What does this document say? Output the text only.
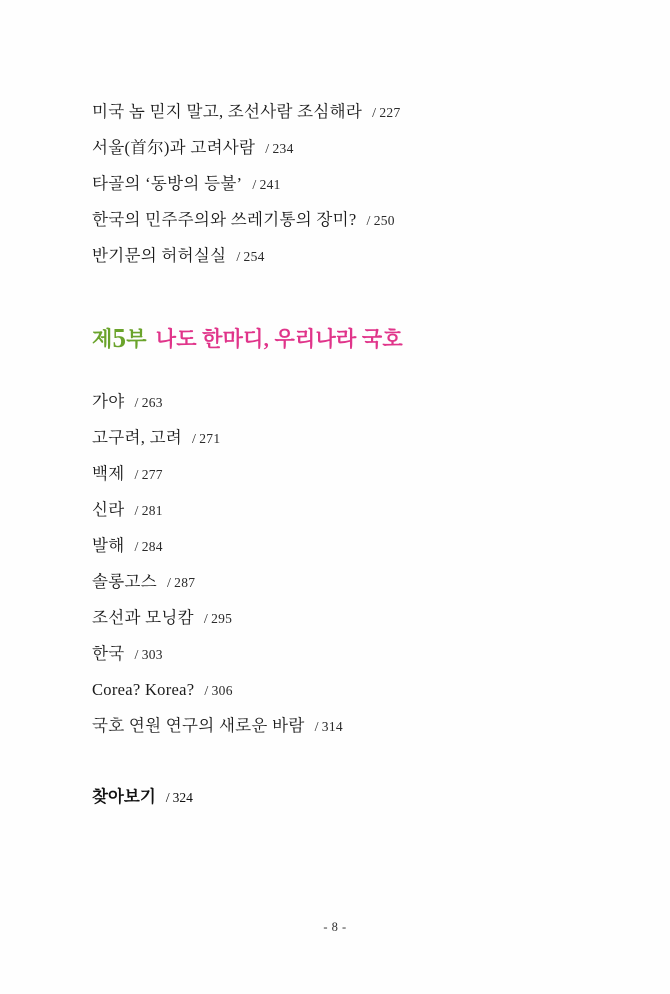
미국 놈 믿지 말고, 조선사람 조심해라 / 227
서울(首尔)과 고려사람 / 234
타골의 ‘동방의 등불’ / 241
한국의 민주주의와 쓰레기통의 장미? / 250
반기문의 허허실실 / 254
제5부 나도 한마디, 우리나라 국호
가야 / 263
고구려, 고려 / 271
백제 / 277
신라 / 281
발해 / 284
솔롱고스 / 287
조선과 모닝캄 / 295
한국 / 303
Corea? Korea? / 306
국호 연원 연구의 새로운 바람 / 314
찾아보기 / 324
- 8 -
